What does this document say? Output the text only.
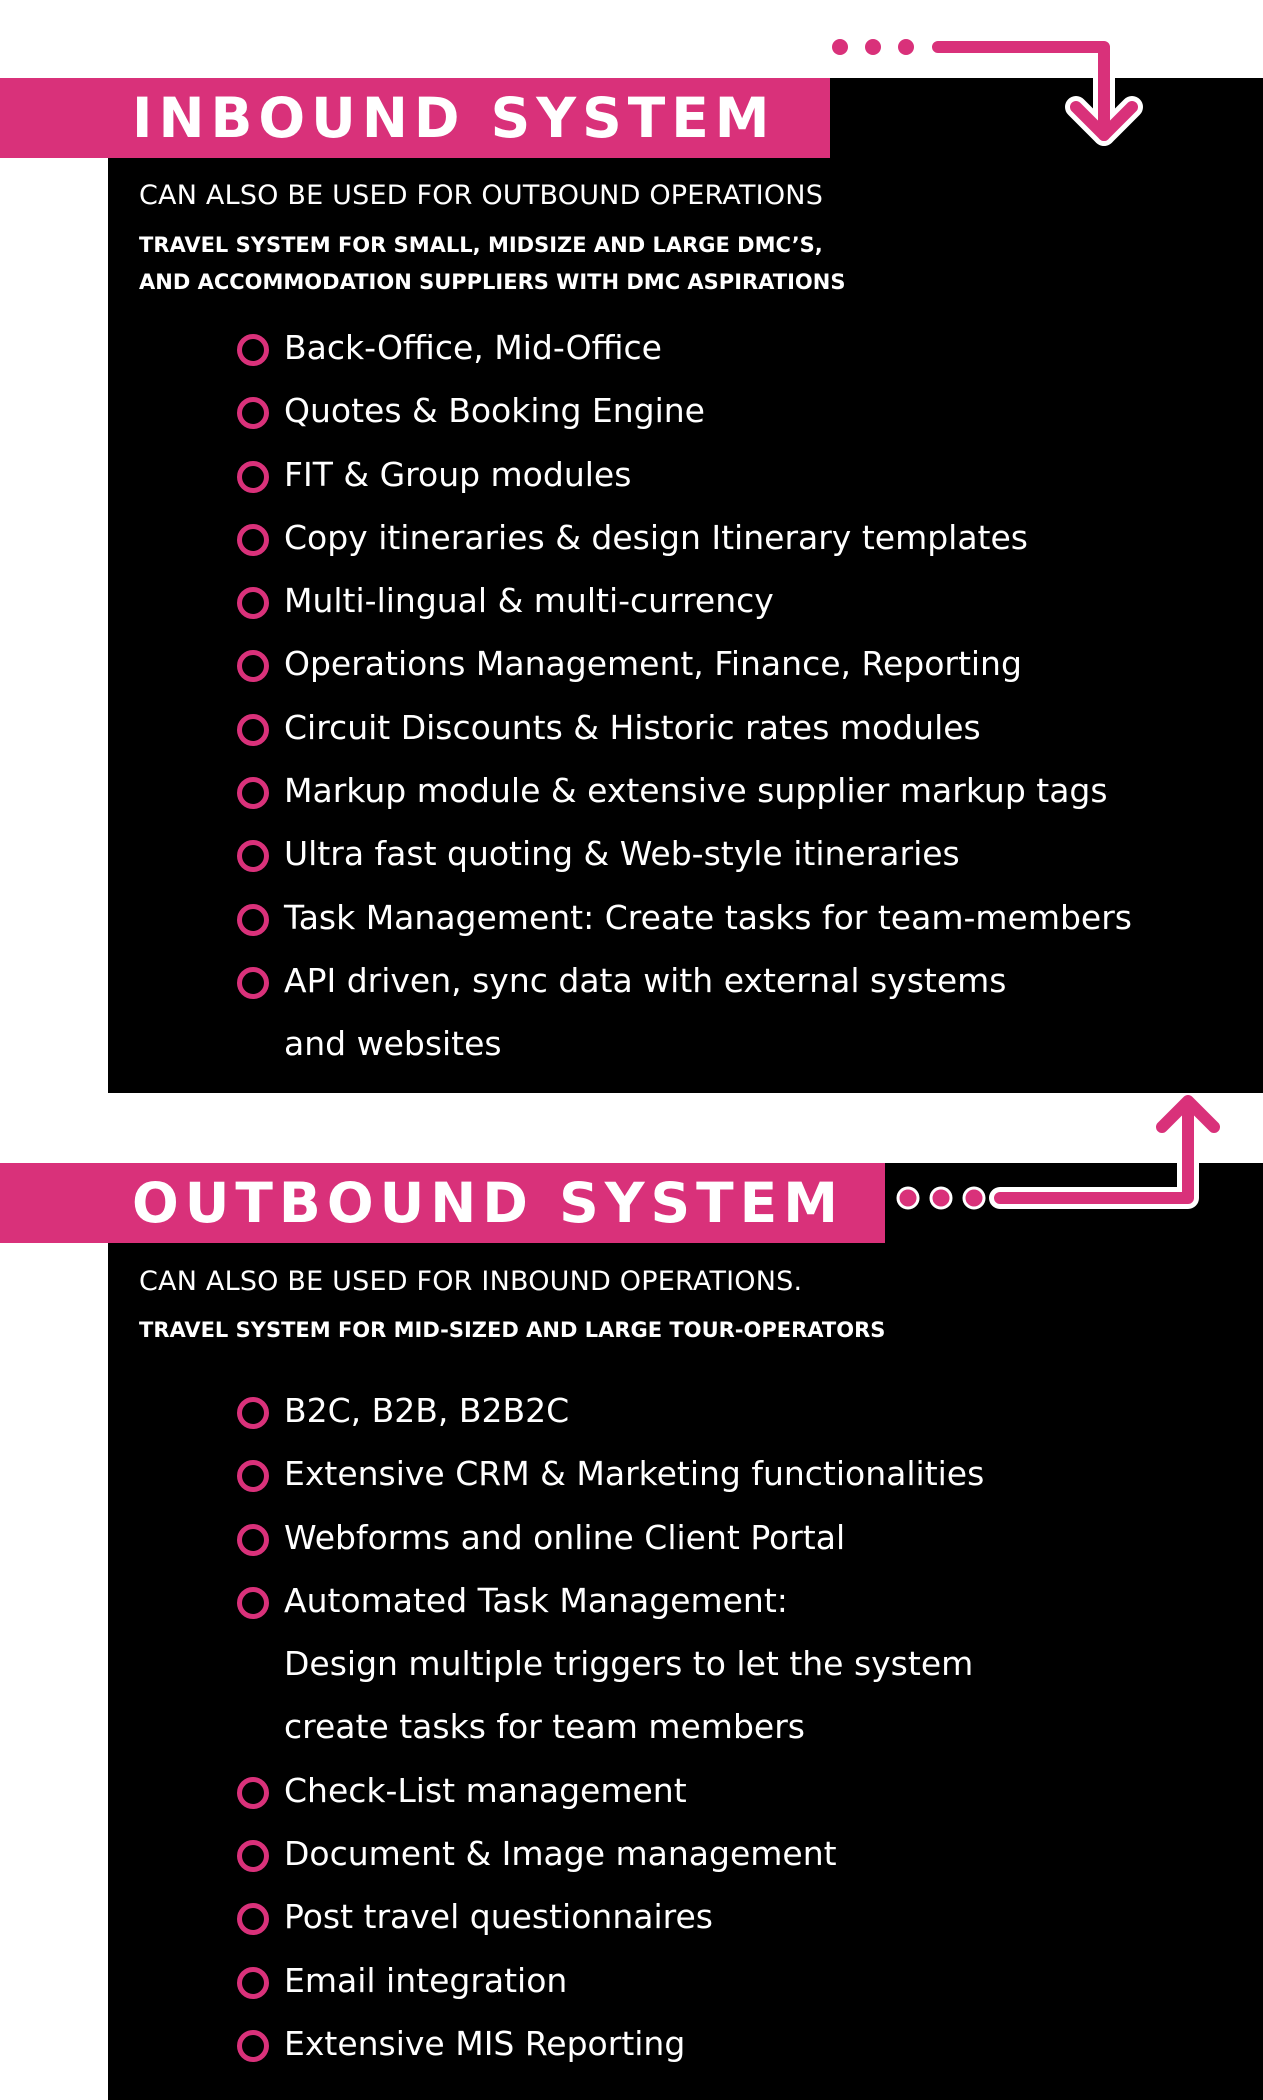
INBOUND SYSTEM
CAN ALSO BE USED FOR OUTBOUND OPERATIONS
TRAVEL SYSTEM FOR SMALL, MIDSIZE AND LARGE DMC’S,
AND ACCOMMODATION SUPPLIERS WITH DMC ASPIRATIONS
Back-Office, Mid-Office
Quotes & Booking Engine
FIT & Group modules
Copy itineraries & design Itinerary templates
Multi-lingual & multi-currency
Operations Management, Finance, Reporting
Circuit Discounts & Historic rates modules
Markup module & extensive supplier markup tags
Ultra fast quoting & Web-style itineraries
Task Management: Create tasks for team-members
API driven, sync data with external systems
and websites
OUTBOUND SYSTEM
CAN ALSO BE USED FOR INBOUND OPERATIONS.
TRAVEL SYSTEM FOR MID-SIZED AND LARGE TOUR-OPERATORS
B2C, B2B, B2B2C
Extensive CRM & Marketing functionalities
Webforms and online Client Portal
Automated Task Management:
Design multiple triggers to let the system
create tasks for team members
Check-List management
Document & Image management
Post travel questionnaires
Email integration
Extensive MIS Reporting
